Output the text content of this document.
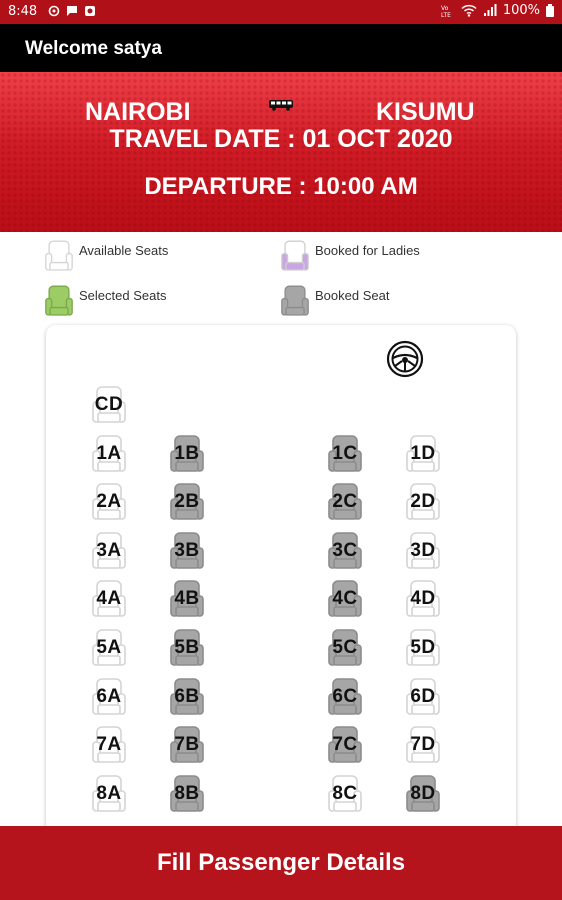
8:48	Vo
LTE	100%
Welcome satya
NAIROBI	KISUMU
TRAVEL DATE : 01 OCT 2020
DEPARTURE : 10:00 AM
Available Seats	Booked for Ladies
Selected Seats	Booked Seat
CD
1A	1B	1C	1D
2A	2B	2C	2D
3A	3B	3C	3D
4A	4B	4C	4D
5A	5B	5C	5D
6A	6B	6C	6D
7A	7B	7C	7D
8A	8B	8C	8D
Fill Passenger Details
